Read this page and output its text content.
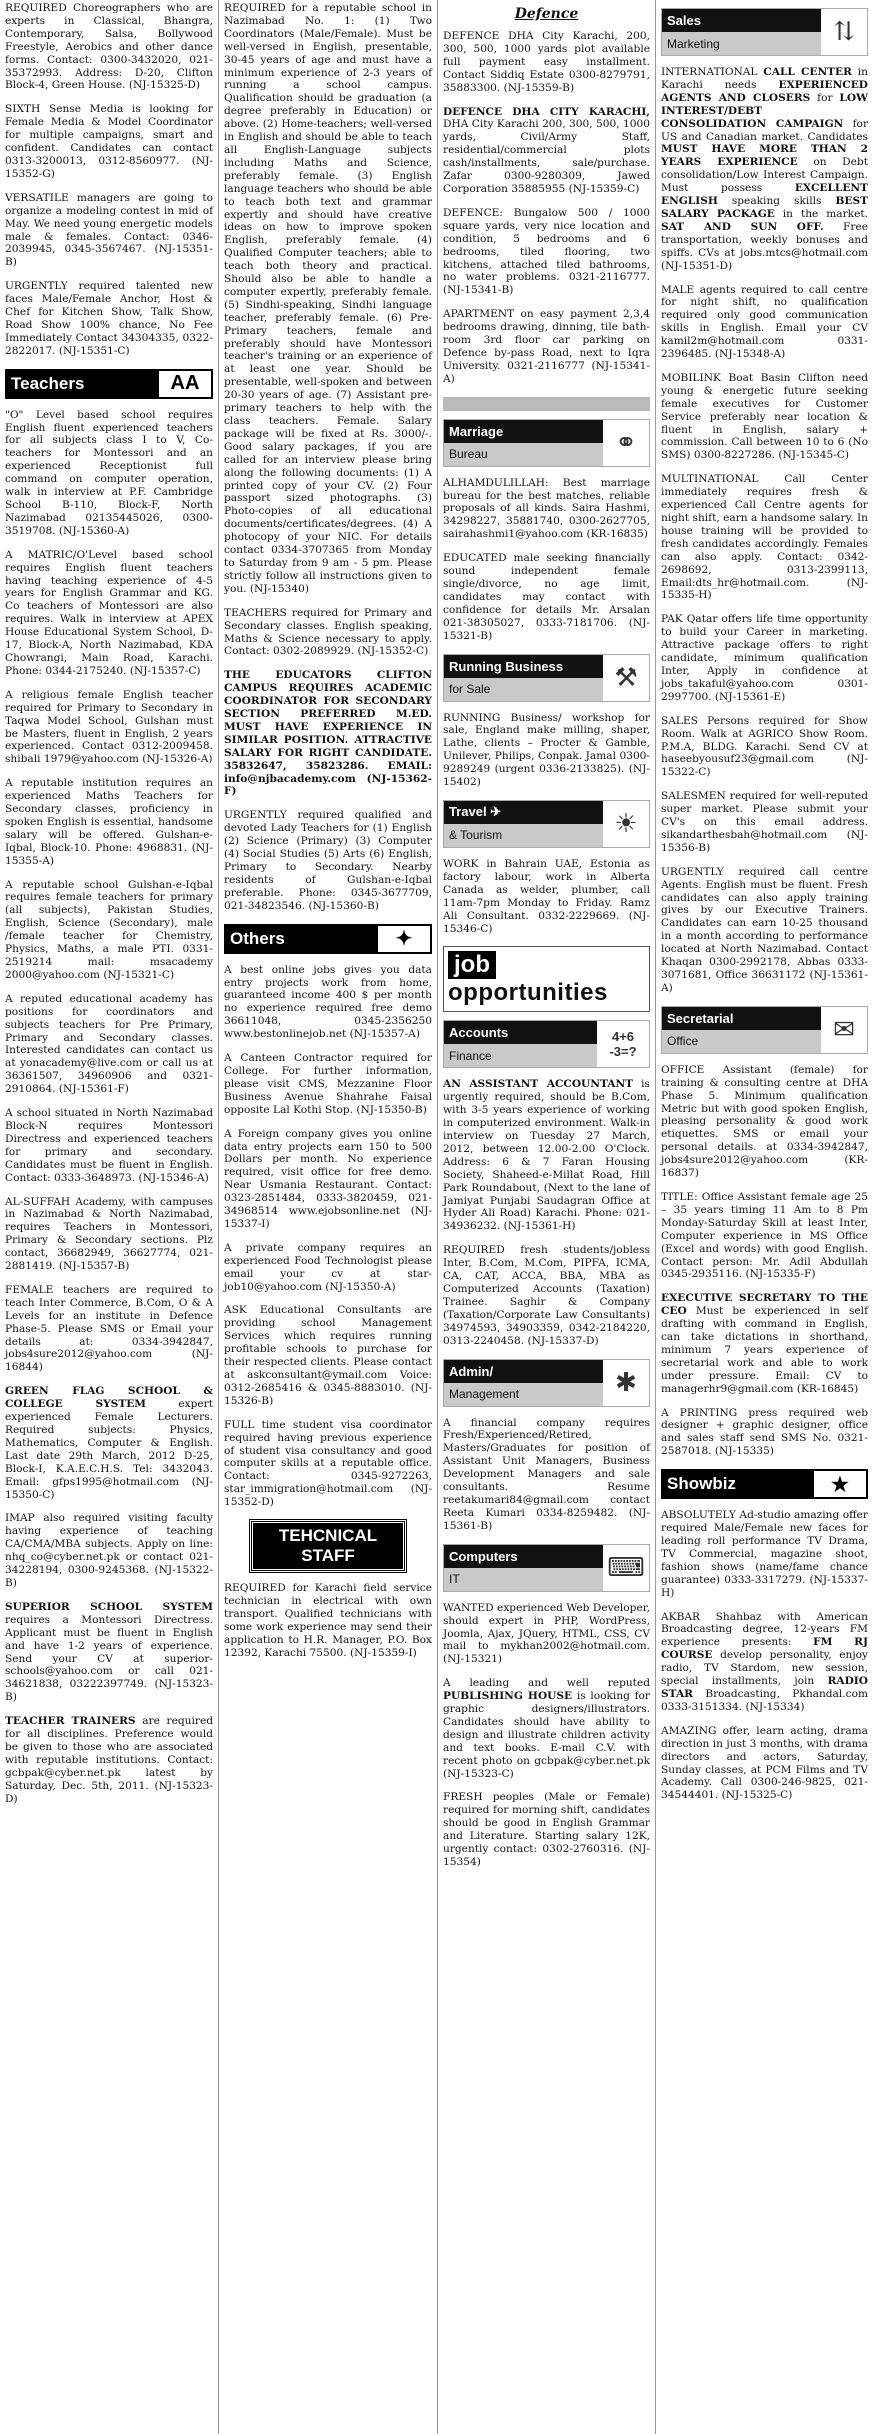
REQUIRED Choreographers who are experts in Classical, Bhangra, Contemporary, Salsa, Bollywood Freestyle, Aerobics and other dance forms. Contact: 0300-3432020, 021-35372993. Address: D-20, Clifton Block-4, Green House. (NJ-15325-D)

SIXTH Sense Media is looking for Female Media & Model Coordinator for multiple campaigns, smart and confident. Candidates can contact 0313-3200013, 0312-8560977. (NJ-15352-G)

VERSATILE managers are going to organize a modeling contest in mid of May. We need young energetic models male & females. Contact: 0346-2039945, 0345-3567467. (NJ-15351-B)

URGENTLY required talented new faces Male/Female Anchor, Host & Chef for Kitchen Show, Talk Show, Road Show 100% chance, No Fee Immediately Contact 34304335, 0322-2822017. (NJ-15351-C)

Teachers	AA

"O" Level based school requires English fluent experienced teachers for all subjects class I to V, Co-teachers for Montessori and an experienced Receptionist full command on computer operation, walk in interview at P.F. Cambridge School B-110, Block-F, North Nazimabad 02135445026, 0300-3519708. (NJ-15360-A)

A MATRIC/O'Level based school requires English fluent teachers having teaching experience of 4-5 years for English Grammar and KG. Co teachers of Montessori are also requires. Walk in interview at APEX House Educational System School, D-17, Block-A, North Nazimabad, KDA Chowrangi, Main Road, Karachi. Phone: 0344-2175240. (NJ-15357-C)

A religious female English teacher required for Primary to Secondary in Taqwa Model School, Gulshan must be Masters, fluent in English, 2 years experienced. Contact 0312-2009458. shibali 1979@yahoo.com (NJ-15326-A)

A reputable institution requires an experienced Maths Teachers for Secondary classes, proficiency in spoken English is essential, handsome salary will be offered. Gulshan-e-Iqbal, Block-10. Phone: 4968831. (NJ-15355-A)

A reputable school Gulshan-e-Iqbal requires female teachers for primary (all subjects), Pakistan Studies, English, Science (Secondary), male /female teacher for Chemistry, Physics, Maths, a male PTI. 0331-2519214 mail: msacademy 2000@yahoo.com (NJ-15321-C)

A reputed educational academy has positions for coordinators and subjects teachers for Pre Primary, Primary and Secondary classes. Interested candidates can contact us at yonacademy@live.com or call us at 36361507, 34960906 and 0321-2910864. (NJ-15361-F)

A school situated in North Nazimabad Block-N requires Montessori Directress and experienced teachers for primary and secondary. Candidates must be fluent in English. Contact: 0333-3648973. (NJ-15346-A)

AL-SUFFAH Academy, with campuses in Nazimabad & North Nazimabad, requires Teachers in Montessori, Primary & Secondary sections. Plz contact, 36682949, 36627774, 021-2881419. (NJ-15357-B)

FEMALE teachers are required to teach Inter Commerce, B.Com, O & A Levels for an institute in Defence Phase-5. Please SMS or Email your details at: 0334-3942847, jobs4sure2012@yahoo.com (NJ-16844)

GREEN FLAG SCHOOL & COLLEGE SYSTEM expert experienced Female Lecturers. Required subjects: Physics, Mathematics, Computer & English. Last date 29th March, 2012 D-25, Block-I, K.A.E.C.H.S. Tel: 3432043. Email: gfps1995@hotmail.com (NJ-15350-C)

IMAP also required visiting faculty having experience of teaching CA/CMA/MBA subjects. Apply on line: nhq_co@cyber.net.pk or contact 021-34228194, 0300-9245368. (NJ-15322-B)

SUPERIOR SCHOOL SYSTEM requires a Montessori Directress. Applicant must be fluent in English and have 1-2 years of experience. Send your CV at superior-schools@yahoo.com or call 021-34621838, 03222397749. (NJ-15323-B)

TEACHER TRAINERS are required for all disciplines. Preference would be given to those who are associated with reputable institutions. Contact: gcbpak@cyber.net.pk latest by Saturday, Dec. 5th, 2011. (NJ-15323-D)

REQUIRED for a reputable school in Nazimabad No. 1: (1) Two Coordinators (Male/Female). Must be well-versed in English, presentable, 30-45 years of age and must have a minimum experience of 2-3 years of running a school campus. Qualification should be graduation (a degree preferably in Education) or above. (2) Home-teachers; well-versed in English and should be able to teach all English-Language subjects including Maths and Science, preferably female. (3) English language teachers who should be able to teach both text and grammar expertly and should have creative ideas on how to improve spoken English, preferably female. (4) Qualified Computer teachers; able to teach both theory and practical. Should also be able to handle a computer expertly, preferably female. (5) Sindhi-speaking, Sindhi language teacher, preferably female. (6) Pre-Primary teachers, female and preferably should have Montessori teacher's training or an experience of at least one year. Should be presentable, well-spoken and between 20-30 years of age. (7) Assistant pre-primary teachers to help with the class teachers. Female. Salary package will be fixed at Rs. 3000/-. Good salary packages, if you are called for an interview please bring along the following documents: (1) A printed copy of your CV. (2) Four passport sized photographs. (3) Photo-copies of all educational documents/certificates/degrees. (4) A photocopy of your NIC. For details contact 0334-3707365 from Monday to Saturday from 9 am - 5 pm. Please strictly follow all instructions given to you. (NJ-15340)

TEACHERS required for Primary and Secondary classes. English speaking, Maths & Science necessary to apply. Contact: 0302-2089929. (NJ-15352-C)

THE EDUCATORS CLIFTON CAMPUS REQUIRES ACADEMIC COORDINATOR FOR SECONDARY SECTION PREFERRED M.ED. MUST HAVE EXPERIENCE IN SIMILAR POSITION. ATTRACTIVE SALARY FOR RIGHT CANDIDATE. 35832647, 35823286. EMAIL: info@njbacademy.com (NJ-15362-F)

URGENTLY required qualified and devoted Lady Teachers for (1) English (2) Science (Primary) (3) Computer (4) Social Studies (5) Arts (6) English, Primary to Secondary. Nearby residents of Gulshan-e-Iqbal preferable. Phone: 0345-3677709, 021-34823546. (NJ-15360-B)

Others	✦

A best online jobs gives you data entry projects work from home, guaranteed income 400 $ per month no experience required free demo 36611048, 0345-2356250 www.bestonlinejob.net (NJ-15357-A)

A Canteen Contractor required for College. For further information, please visit CMS, Mezzanine Floor Business Avenue Shahrahe Faisal opposite Lal Kothi Stop. (NJ-15350-B)

A Foreign company gives you online data entry projects earn 150 to 500 Dollars per month. No experience required, visit office for free demo. Near Usmania Restaurant. Contact: 0323-2851484, 0333-3820459, 021-34968514 www.ejobsonline.net (NJ-15337-I)

A private company requires an experienced Food Technologist please email your cv at star-job10@yahoo.com (NJ-15350-A)

ASK Educational Consultants are providing school Management Services which requires running profitable schools to purchase for their respected clients. Please contact at askconsultant@ymail.com Voice: 0312-2685416 & 0345-8883010. (NJ-15326-B)

FULL time student visa coordinator required having previous experience of student visa consultancy and good computer skills at a reputable office. Contact: 0345-9272263, star_immigration@hotmail.com (NJ-15352-D)

TEHCNICAL STAFF

REQUIRED for Karachi field service technician in electrical with own transport. Qualified technicians with some work experience may send their application to H.R. Manager, P.O. Box 12392, Karachi 75500. (NJ-15359-I)

Defence

DEFENCE DHA City Karachi, 200, 300, 500, 1000 yards plot available full payment easy installment. Contact Siddiq Estate 0300-8279791, 35883300. (NJ-15359-B)

DEFENCE DHA CITY KARACHI, DHA City Karachi 200, 300, 500, 1000 yards, Civil/Army Staff, residential/commercial plots cash/installments, sale/purchase. Zafar 0300-9280309, Jawed Corporation 35885955 (NJ-15359-C)

DEFENCE: Bungalow 500 / 1000 square yards, very nice location and condition, 5 bedrooms and 6 bedrooms, tiled flooring, two kitchens, attached tiled bathrooms, no water problems. 0321-2116777. (NJ-15341-B)

APARTMENT on easy payment 2,3,4 bedrooms drawing, dinning, tile bath-room 3rd floor car parking on Defence by-pass Road, next to Iqra University. 0321-2116777 (NJ-15341-A)

Marriage
Bureau	⚭

ALHAMDULILLAH: Best marriage bureau for the best matches, reliable proposals of all kinds. Saira Hashmi, 34298227, 35881740, 0300-2627705, sairahashmi1@yahoo.com (KR-16835)

EDUCATED male seeking financially sound independent female single/divorce, no age limit, candidates may contact with confidence for details Mr. Arsalan 021-38305027, 0333-7181706. (NJ-15321-B)

Running Business
for Sale	⚒

RUNNING Business/ workshop for sale, England make milling, shaper, Lathe, clients – Procter & Gamble, Unilever, Philips, Conpak. Jamal 0300-9289249 (urgent 0336-2133825). (NJ-15402)

Travel ✈
& Tourism	☀

WORK in Bahrain UAE, Estonia as factory labour, work in Alberta Canada as welder, plumber, call 11am-7pm Monday to Friday. Ramz Ali Consultant. 0332-2229669. (NJ-15346-C)

job
opportunities
Accounts
Finance
4+6 -3=?

AN ASSISTANT ACCOUNTANT is urgently required, should be B.Com, with 3-5 years experience of working in computerized environment. Walk-in interview on Tuesday 27 March, 2012, between 12.00-2.00 O'Clock. Address: 6 & 7 Faran Housing Society, Shaheed-e-Millat Road, Hill Park Roundabout, (Next to the lane of Jamiyat Punjabi Saudagran Office at Hyder Ali Road) Karachi. Phone: 021-34936232. (NJ-15361-H)

REQUIRED fresh students/jobless Inter, B.Com, M.Com, PIPFA, ICMA, CA, CAT, ACCA, BBA, MBA as Computerized Accounts (Taxation) Trainee. Saghir & Company (Taxation/Corporate Law Consultants) 34974593, 34903359, 0342-2184220, 0313-2240458. (NJ-15337-D)

Admin/
Management	✱

A financial company requires Fresh/Experienced/Retired, Masters/Graduates for position of Assistant Unit Managers, Business Development Managers and sale consultants. Resume reetakumari84@gmail.com contact Reeta Kumari 0334-8259482. (NJ-15361-B)

Computers
IT	⌨

WANTED experienced Web Developer, should expert in PHP, WordPress, Joomla, Ajax, JQuery, HTML, CSS, CV mail to mykhan2002@hotmail.com. (NJ-15321)

A leading and well reputed PUBLISHING HOUSE is looking for graphic designers/illustrators. Candidates should have ability to design and illustrate children activity and text books. E-mail C.V. with recent photo on gcbpak@cyber.net.pk (NJ-15323-C)

FRESH peoples (Male or Female) required for morning shift, candidates should be good in English Grammar and Literature. Starting salary 12K, urgently contact: 0302-2760316. (NJ-15354)

Sales
Marketing	⇅

INTERNATIONAL CALL CENTER in Karachi needs EXPERIENCED AGENTS AND CLOSERS for LOW INTEREST/DEBT CONSOLIDATION CAMPAIGN for US and Canadian market. Candidates MUST HAVE MORE THAN 2 YEARS EXPERIENCE on Debt consolidation/Low Interest Campaign. Must possess EXCELLENT ENGLISH speaking skills BEST SALARY PACKAGE in the market. SAT AND SUN OFF. Free transportation, weekly bonuses and spiffs. CVs at jobs.mtcs@hotmail.com (NJ-15351-D)

MALE agents required to call centre for night shift, no qualification required only good communication skills in English. Email your CV kamil2m@hotmail.com 0331-2396485. (NJ-15348-A)

MOBILINK Boat Basin Clifton need young & energetic future seeking female executives for Customer Service preferably near location & fluent in English, salary + commission. Call between 10 to 6 (No SMS) 0300-8227286. (NJ-15345-C)

MULTINATIONAL Call Center immediately requires fresh & experienced Call Centre agents for night shift, earn a handsome salary. In house training will be provided to fresh candidates accordingly. Females can also apply. Contact: 0342-2698692, 0313-2399113, Email:dts_hr@hotmail.com. (NJ-15335-H)

PAK Qatar offers life time opportunity to build your Career in marketing. Attractive package offers to right candidate, minimum qualification Inter, Apply in confidence at jobs_takaful@yahoo.com 0301-2997700. (NJ-15361-E)

SALES Persons required for Show Room. Walk at AGRICO Show Room. P.M.A, BLDG. Karachi. Send CV at haseebyousuf23@gmail.com (NJ-15322-C)

SALESMEN required for well-reputed super market. Please submit your CV's on this email address. sikandarthesbah@hotmail.com (NJ-15356-B)

URGENTLY required call centre Agents. English must be fluent. Fresh candidates can also apply training gives by our Executive Trainers. Candidates can earn 10-25 thousand in a month according to performance located at North Nazimabad. Contact Khaqan 0300-2992178, Abbas 0333-3071681, Office 36631172 (NJ-15361-A)

Secretarial
Office	✉

OFFICE Assistant (female) for training & consulting centre at DHA Phase 5. Minimum qualification Metric but with good spoken English, pleasing personality & good work etiquettes. SMS or email your personal details. at 0334-3942847, jobs4sure2012@yahoo.com (KR-16837)

TITLE: Office Assistant female age 25 – 35 years timing 11 Am to 8 Pm Monday-Saturday Skill at least Inter, Computer experience in MS Office (Excel and words) with good English. Contact person: Mr. Adil Abdullah 0345-2935116. (NJ-15335-F)

EXECUTIVE SECRETARY TO THE CEO Must be experienced in self drafting with command in English, can take dictations in shorthand, minimum 7 years experience of secretarial work and able to work under pressure. Email: CV to managerhr9@gmail.com (KR-16845)

A PRINTING press required web designer + graphic designer, office and sales staff send SMS No. 0321-2587018. (NJ-15335)

Showbiz	★

ABSOLUTELY Ad-studio amazing offer required Male/Female new faces for leading roll performance TV Drama, TV Commercial, magazine shoot, fashion shows (name/fame chance guarantee) 0333-3317279. (NJ-15337-H)

AKBAR Shahbaz with American Broadcasting degree, 12-years FM experience presents: FM RJ COURSE develop personality, enjoy radio, TV Stardom, new session, special installments, join RADIO STAR Broadcasting, Pkhandal.com 0333-3151334. (NJ-15334)

AMAZING offer, learn acting, drama direction in just 3 months, with drama directors and actors, Saturday, Sunday classes, at PCM Films and TV Academy. Call 0300-246-9825, 021-34544401. (NJ-15325-C)
